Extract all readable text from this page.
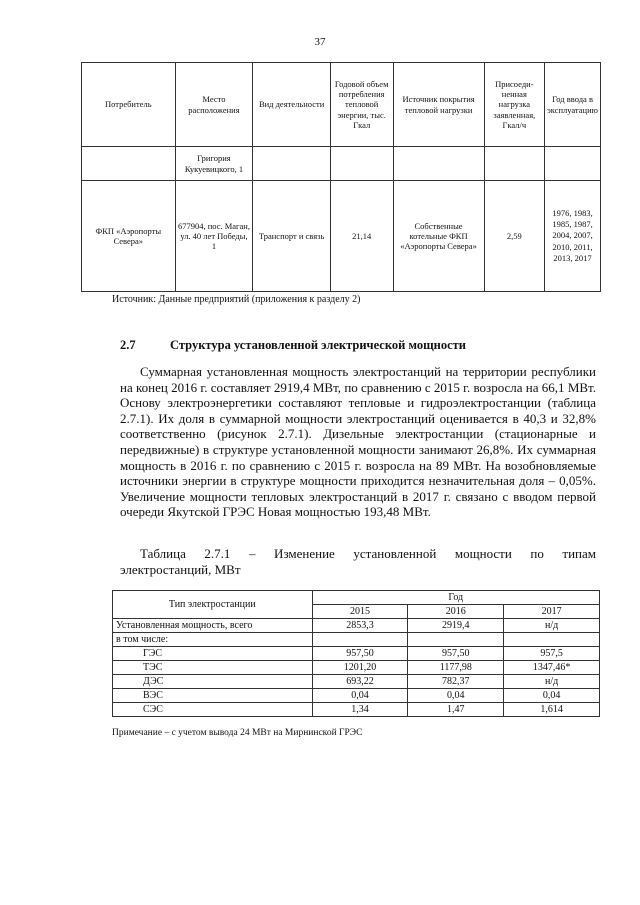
37
Потребитель	Место расположения	Вид деятельности	Годовой объем потребления тепловой энергии, тыс. Гкал	Источник покрытия тепловой нагрузки	Присоеди-ненная нагрузка заявленная, Гкал/ч	Год ввода в эксплуатацию
	Григория Кукуевицкого, 1					
ФКП «Аэропорты Севера»	677904, пос. Маган, ул. 40 лет Победы, 1	Транспорт и связь	21,14	Собственные котельные ФКП «Аэропорты Севера»	2,59	1976, 1983, 1985, 1987, 2004, 2007, 2010, 2011, 2013, 2017
Источник: Данные предприятий (приложения к разделу 2)
2.7	Структура установленной электрической мощности

Суммарная установленная мощность электростанций на территории республики на конец 2016 г. составляет 2919,4 МВт, по сравнению с 2015 г. возросла на 66,1 МВт. Основу электроэнергетики составляют тепловые и гидроэлектростанции (таблица 2.7.1). Их доля в суммарной мощности электростанций оценивается в 40,3 и 32,8% соответственно (рисунок 2.7.1). Дизельные электростанции (стационарные и передвижные) в структуре установленной мощности занимают 26,8%. Их суммарная мощность в 2016 г. по сравнению с 2015 г. возросла на 89 МВт. На возобновляемые источники энергии в структуре мощности приходится незначительная доля – 0,05%. Увеличение мощности тепловых электростанций в 2017 г. связано с вводом первой очереди Якутской ГРЭС Новая мощностью 193,48 МВт.

Таблица 2.7.1 – Изменение установленной мощности по типам

электростанций, МВт
Тип электростанции	Год		
	2015	2016	2017
Установленная мощность, всего	2853,3	2919,4	н/д
в том числе:			
ГЭС	957,50	957,50	957,5
ТЭС	1201,20	1177,98	1347,46*
ДЭС	693,22	782,37	н/д
ВЭС	0,04	0,04	0,04
СЭС	1,34	1,47	1,614
Примечание – с учетом вывода 24 МВт на Мирнинской ГРЭС
